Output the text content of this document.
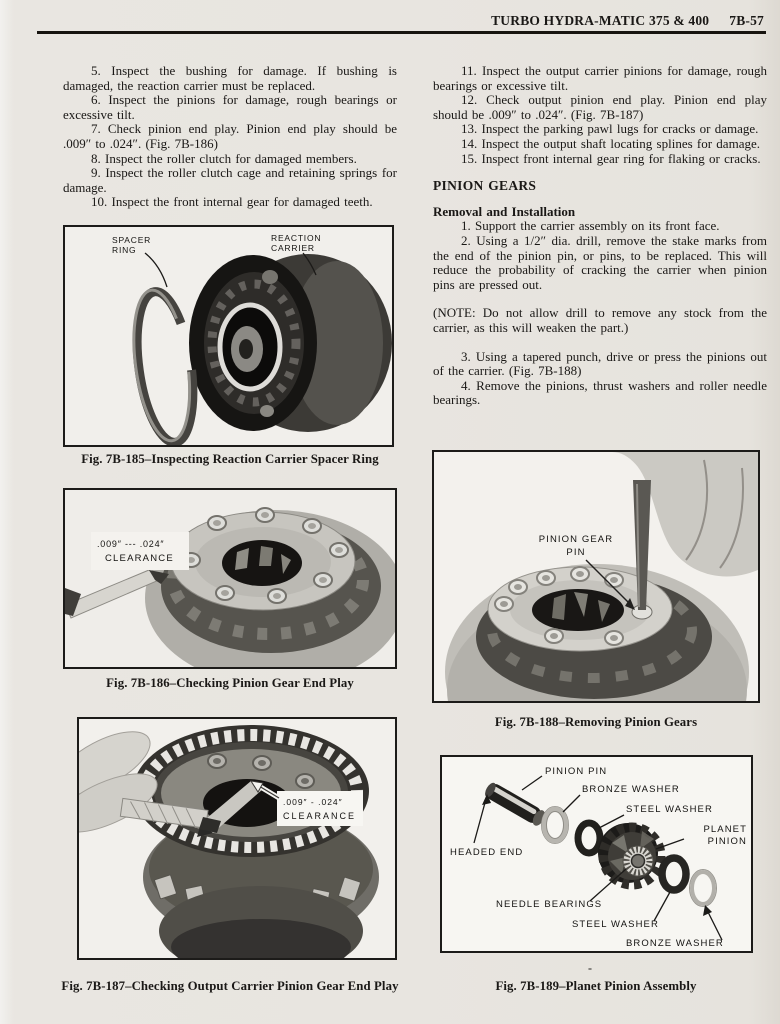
TURBO HYDRA-MATIC 375 & 400 7B-57

5. Inspect the bushing for damage. If bushing is damaged, the reaction carrier must be replaced.

6. Inspect the pinions for damage, rough bearings or excessive tilt.

7. Check pinion end play. Pinion end play should be .009″ to .024″. (Fig. 7B-186)

8. Inspect the roller clutch for damaged members.

9. Inspect the roller clutch cage and retaining springs for damage.

10. Inspect the front internal gear for damaged teeth.

11. Inspect the output carrier pinions for damage, rough bearings or excessive tilt.

12. Check output pinion end play. Pinion end play should be .009″ to .024″. (Fig. 7B-187)

13. Inspect the parking pawl lugs for cracks or damage.

14. Inspect the output shaft locating splines for damage.

15. Inspect front internal gear ring for flaking or cracks.

PINION GEARS
Removal and Installation

1. Support the carrier assembly on its front face.

2. Using a 1/2″ dia. drill, remove the stake marks from the end of the pinion pin, or pins, to be replaced. This will reduce the probability of cracking the carrier when pinion pins are pressed out.

(NOTE: Do not allow drill to remove any stock from the carrier, as this will weaken the part.)

3. Using a tapered punch, drive or press the pinions out of the carrier. (Fig. 7B-188)

4. Remove the pinions, thrust washers and roller needle bearings.

SPACER
RING
REACTION
CARRIER
Fig. 7B-185–Inspecting Reaction Carrier Spacer Ring
.009″ --- .024″
CLEARANCE
Fig. 7B-186–Checking Pinion Gear End Play
.009″ - .024″
CLEARANCE
Fig. 7B-187–Checking Output Carrier Pinion Gear End Play
PINION GEAR
PIN
Fig. 7B-188–Removing Pinion Gears
PINION PIN
BRONZE WASHER
STEEL WASHER
PLANET
PINION
HEADED END
NEEDLE BEARINGS
STEEL WASHER
BRONZE WASHER
Fig. 7B-189–Planet Pinion Assembly
-
